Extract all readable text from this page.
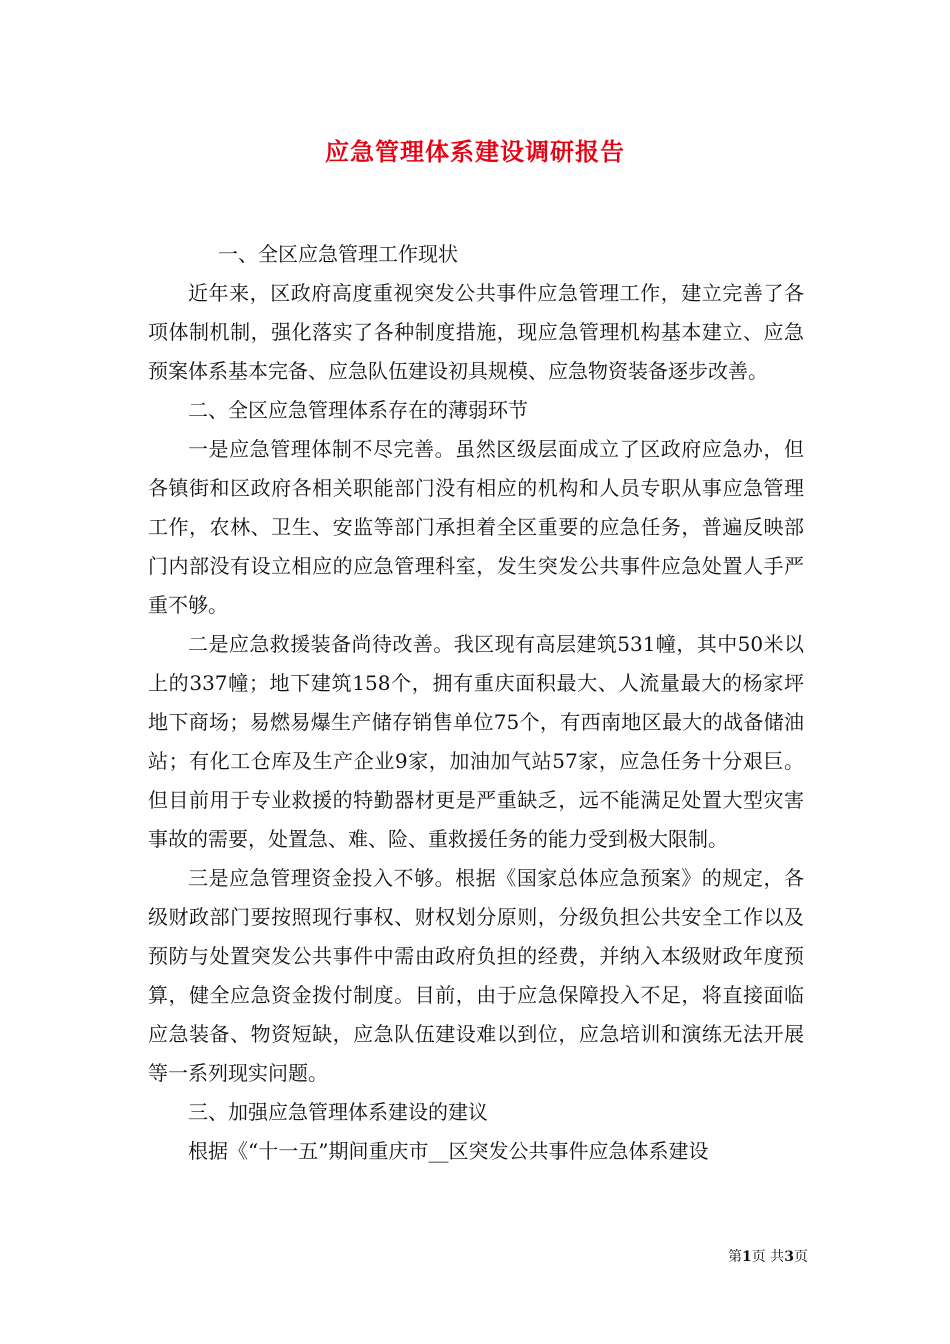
应急管理体系建设调研报告

一、全区应急管理工作现状

近年来，区政府高度重视突发公共事件应急管理工作，建立完善了各项体制机制，强化落实了各种制度措施，现应急管理机构基本建立、应急预案体系基本完备、应急队伍建设初具规模、应急物资装备逐步改善。

二、全区应急管理体系存在的薄弱环节

一是应急管理体制不尽完善。虽然区级层面成立了区政府应急办，但各镇街和区政府各相关职能部门没有相应的机构和人员专职从事应急管理工作，农林、卫生、安监等部门承担着全区重要的应急任务，普遍反映部门内部没有设立相应的应急管理科室，发生突发公共事件应急处置人手严重不够。

二是应急救援装备尚待改善。我区现有高层建筑531幢，其中50米以上的337幢；地下建筑158个，拥有重庆面积最大、人流量最大的杨家坪地下商场；易燃易爆生产储存销售单位75个，有西南地区最大的战备储油站；有化工仓库及生产企业9家，加油加气站57家，应急任务十分艰巨。但目前用于专业救援的特勤器材更是严重缺乏，远不能满足处置大型灾害事故的需要，处置急、难、险、重救援任务的能力受到极大限制。

三是应急管理资金投入不够。根据《国家总体应急预案》的规定，各级财政部门要按照现行事权、财权划分原则，分级负担公共安全工作以及预防与处置突发公共事件中需由政府负担的经费，并纳入本级财政年度预算，健全应急资金拨付制度。目前，由于应急保障投入不足，将直接面临应急装备、物资短缺，应急队伍建设难以到位，应急培训和演练无法开展等一系列现实问题。

三、加强应急管理体系建设的建议

根据《“十一五”期间重庆市__区突发公共事件应急体系建设

第1页 共3页
